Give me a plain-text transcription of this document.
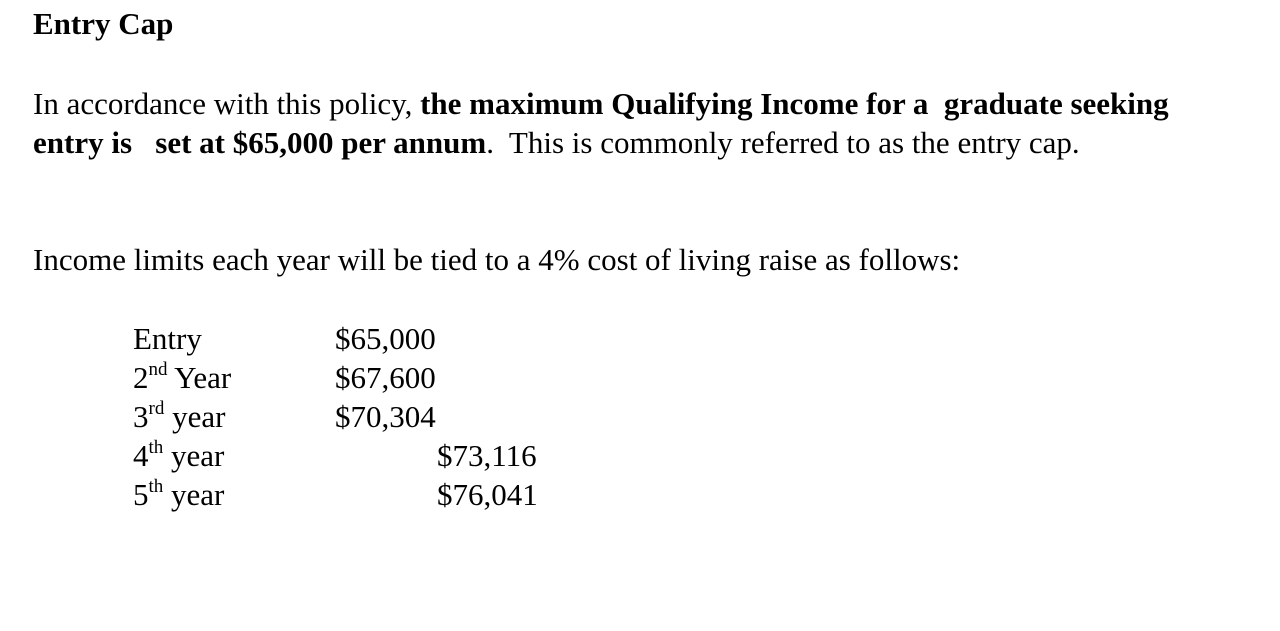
Entry Cap
In accordance with this policy, the maximum Qualifying Income for a  graduate seeking
entry is   set at $65,000 per annum.  This is commonly referred to as the entry cap.
Income limits each year will be tied to a 4% cost of living raise as follows:

Entry

	$65,000

2nd Year

	$67,600

3rd year

	$70,304

4th year

	$73,116

5th year

	$76,041
